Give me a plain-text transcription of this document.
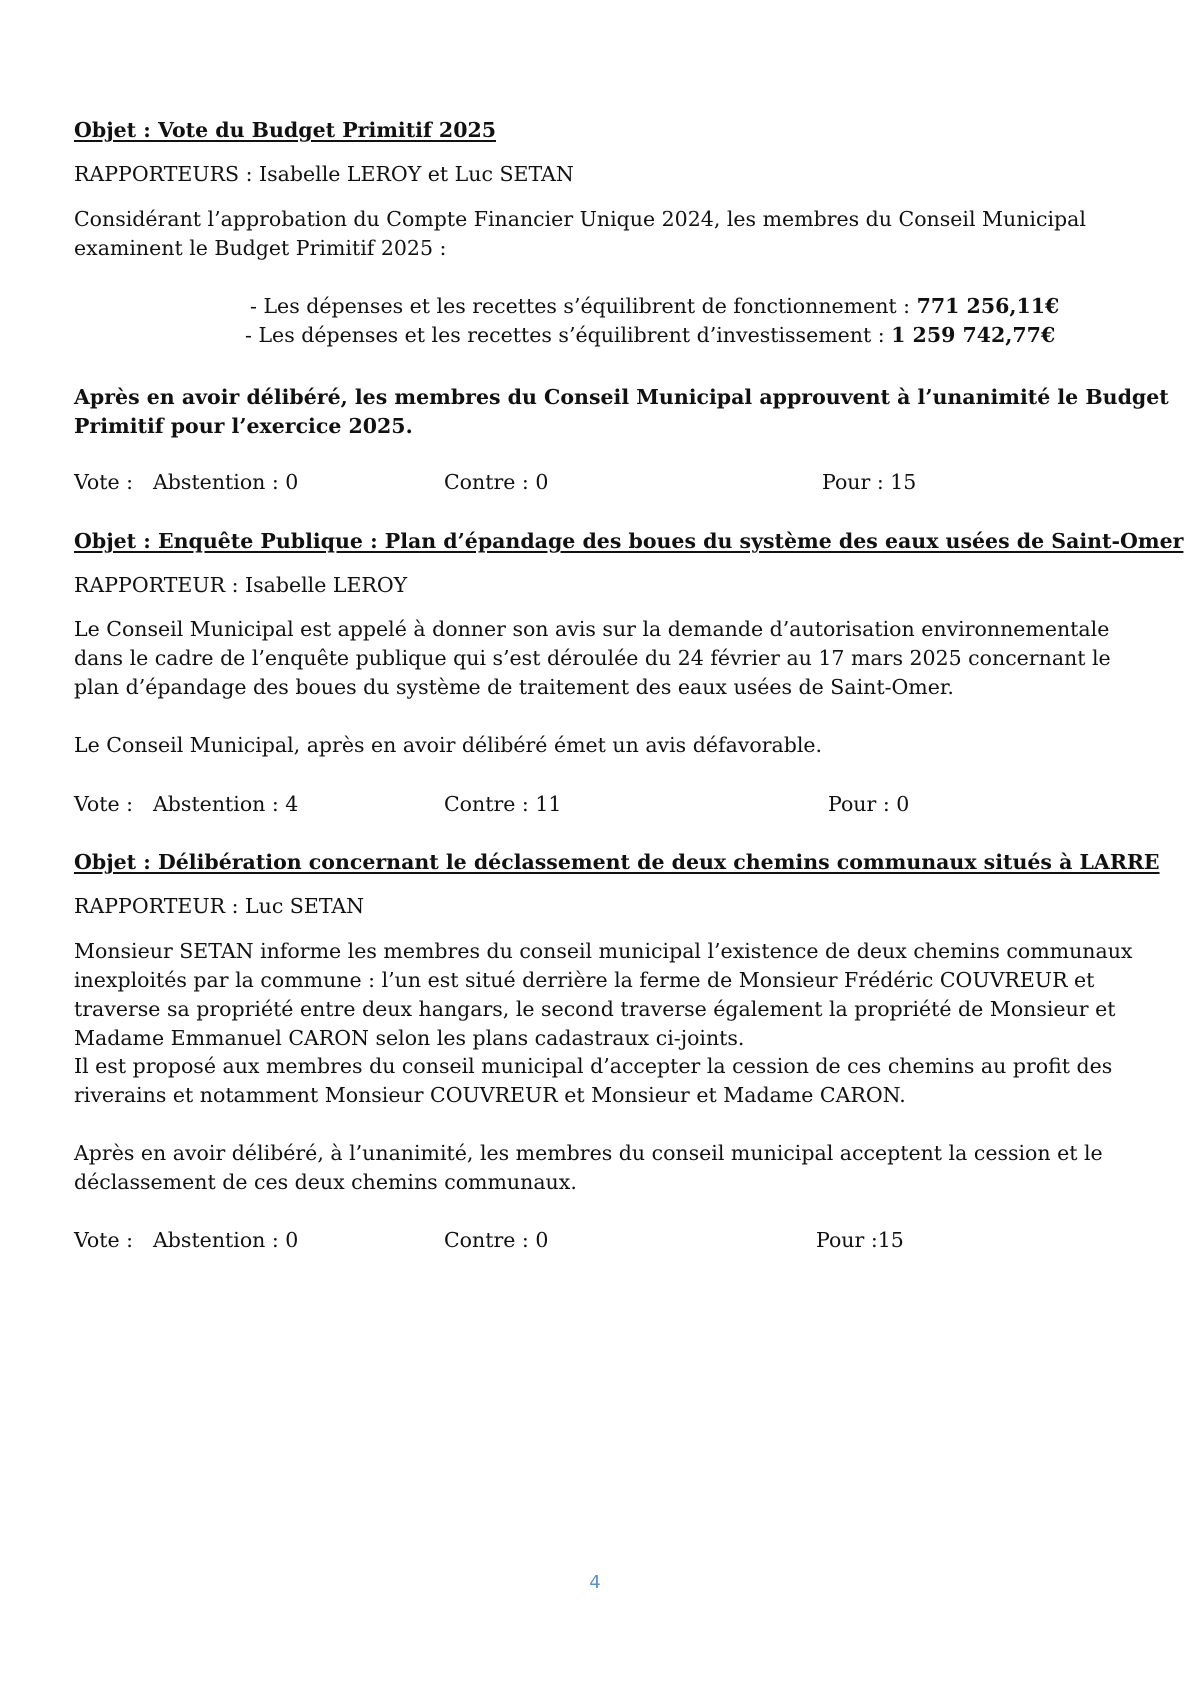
Objet : Vote du Budget Primitif 2025
RAPPORTEURS : Isabelle LEROY et Luc SETAN
Considérant l’approbation du Compte Financier Unique 2024, les membres du Conseil Municipal
examinent le Budget Primitif 2025 :
- Les dépenses et les recettes s’équilibrent de fonctionnement : 771 256,11€
- Les dépenses et les recettes s’équilibrent d’investissement : 1 259 742,77€
Après en avoir délibéré, les membres du Conseil Municipal approuvent à l’unanimité le Budget
Primitif pour l’exercice 2025.
Vote : Abstention : 0	Contre : 0	Pour : 15
Objet : Enquête Publique : Plan d’épandage des boues du système des eaux usées de Saint-Omer
RAPPORTEUR : Isabelle LEROY
Le Conseil Municipal est appelé à donner son avis sur la demande d’autorisation environnementale
dans le cadre de l’enquête publique qui s’est déroulée du 24 février au 17 mars 2025 concernant le
plan d’épandage des boues du système de traitement des eaux usées de Saint-Omer.
Le Conseil Municipal, après en avoir délibéré émet un avis défavorable.
Vote : Abstention : 4	Contre : 11	Pour : 0
Objet : Délibération concernant le déclassement de deux chemins communaux situés à LARRE
RAPPORTEUR : Luc SETAN
Monsieur SETAN informe les membres du conseil municipal l’existence de deux chemins communaux
inexploités par la commune : l’un est situé derrière la ferme de Monsieur Frédéric COUVREUR et
traverse sa propriété entre deux hangars, le second traverse également la propriété de Monsieur et
Madame Emmanuel CARON selon les plans cadastraux ci-joints.
Il est proposé aux membres du conseil municipal d’accepter la cession de ces chemins au profit des
riverains et notamment Monsieur COUVREUR et Monsieur et Madame CARON.
Après en avoir délibéré, à l’unanimité, les membres du conseil municipal acceptent la cession et le
déclassement de ces deux chemins communaux.
Vote : Abstention : 0	Contre : 0	Pour :15
4
